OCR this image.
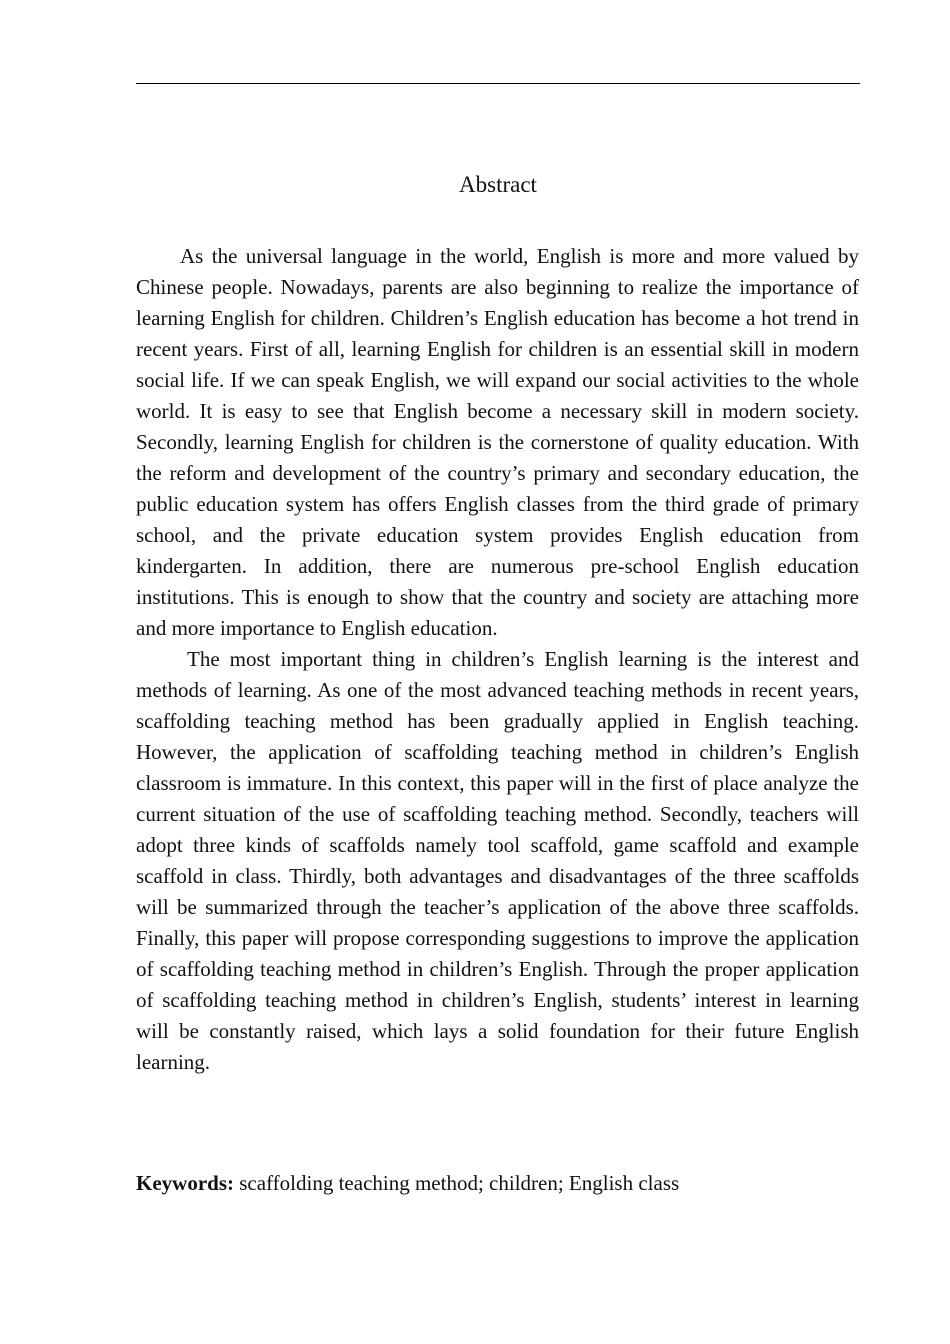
Abstract

As the universal language in the world, English is more and more valued by Chinese people. Nowadays, parents are also beginning to realize the importance of learning English for children. Children’s English education has become a hot trend in recent years. First of all, learning English for children is an essential skill in modern social life. If we can speak English, we will expand our social activities to the whole world. It is easy to see that English become a necessary skill in modern society. Secondly, learning English for children is the cornerstone of quality education. With the reform and development of the country’s primary and secondary education, the public education system has offers English classes from the third grade of primary school, and the private education system provides English education from kindergarten. In addition, there are numerous pre-school English education institutions. This is enough to show that the country and society are attaching more and more importance to English education.

The most important thing in children’s English learning is the interest and methods of learning. As one of the most advanced teaching methods in recent years, scaffolding teaching method has been gradually applied in English teaching. However, the application of scaffolding teaching method in children’s English classroom is immature. In this context, this paper will in the first of place analyze the current situation of the use of scaffolding teaching method. Secondly, teachers will adopt three kinds of scaffolds namely tool scaffold, game scaffold and example scaffold in class. Thirdly, both advantages and disadvantages of the three scaffolds will be summarized through the teacher’s application of the above three scaffolds. Finally, this paper will propose corresponding suggestions to improve the application of scaffolding teaching method in children’s English. Through the proper application of scaffolding teaching method in children’s English, students’ interest in learning will be constantly raised, which lays a solid foundation for their future English learning.

Keywords: scaffolding teaching method; children; English class
